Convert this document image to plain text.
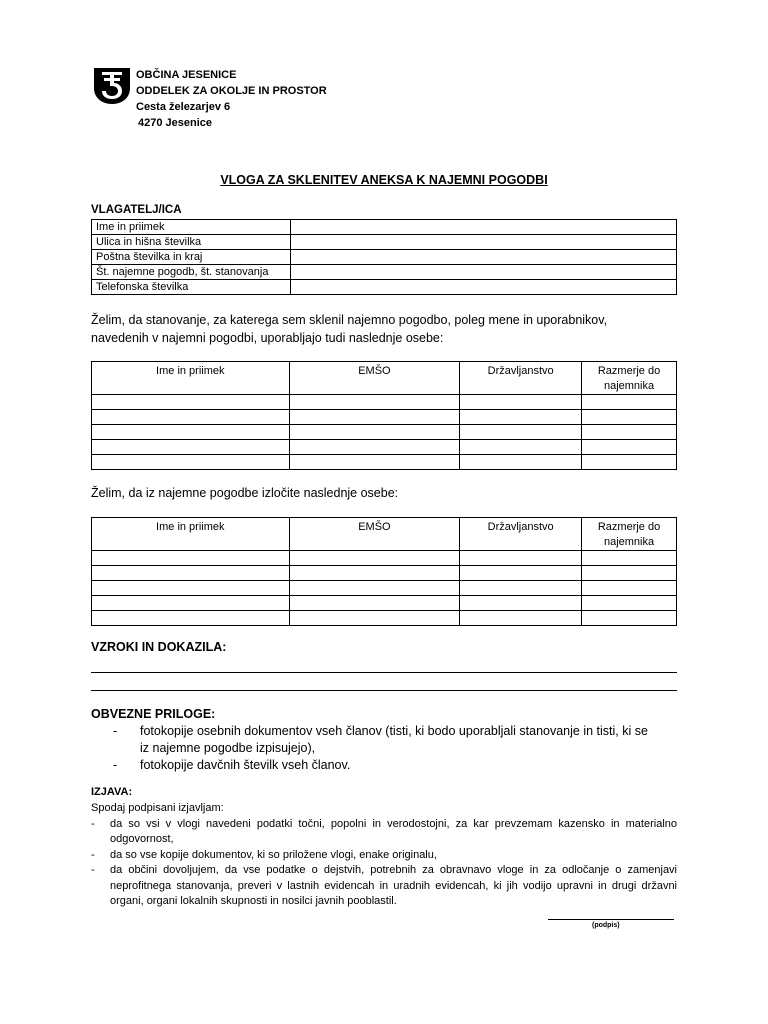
OBČINA JESENICE
ODDELEK ZA OKOLJE IN PROSTOR
Cesta železarjev 6
4270 Jesenice
VLOGA ZA SKLENITEV ANEKSA K NAJEMNI POGODBI
VLAGATELJ/ICA
Ime in priimek	
Ulica in hišna številka	
Poštna številka in kraj	
Št. najemne pogodb, št. stanovanja	
Telefonska številka	
Želim, da stanovanje, za katerega sem sklenil najemno pogodbo, poleg mene in uporabnikov,
navedenih v najemni pogodbi, uporabljajo tudi naslednje osebe:
Ime in priimek	EMŠO	Državljanstvo	Razmerje do
najemnika

Želim, da iz najemne pogodbe izločite naslednje osebe:
Ime in priimek	EMŠO	Državljanstvo	Razmerje do
najemnika

VZROKI IN DOKAZILA:
OBVEZNE PRILOGE:
- fotokopije osebnih dokumentov vseh članov (tisti, ki bodo uporabljali stanovanje in tisti, ki se
iz najemne pogodbe izpisujejo),
- fotokopije davčnih številk vseh članov.
IZJAVA:
Spodaj podpisani izjavljam:
- da so vsi v vlogi navedeni podatki točni, popolni in verodostojni, za kar prevzemam kazensko in materialno odgovornost,
- da so vse kopije dokumentov, ki so priložene vlogi, enake originalu,
- da občini dovoljujem, da vse podatke o dejstvih, potrebnih za obravnavo vloge in za odločanje o zamenjavi neprofitnega stanovanja, preveri v lastnih evidencah in uradnih evidencah, ki jih vodijo upravni in drugi državni organi, organi lokalnih skupnosti in nosilci javnih pooblastil.
(podpis)
